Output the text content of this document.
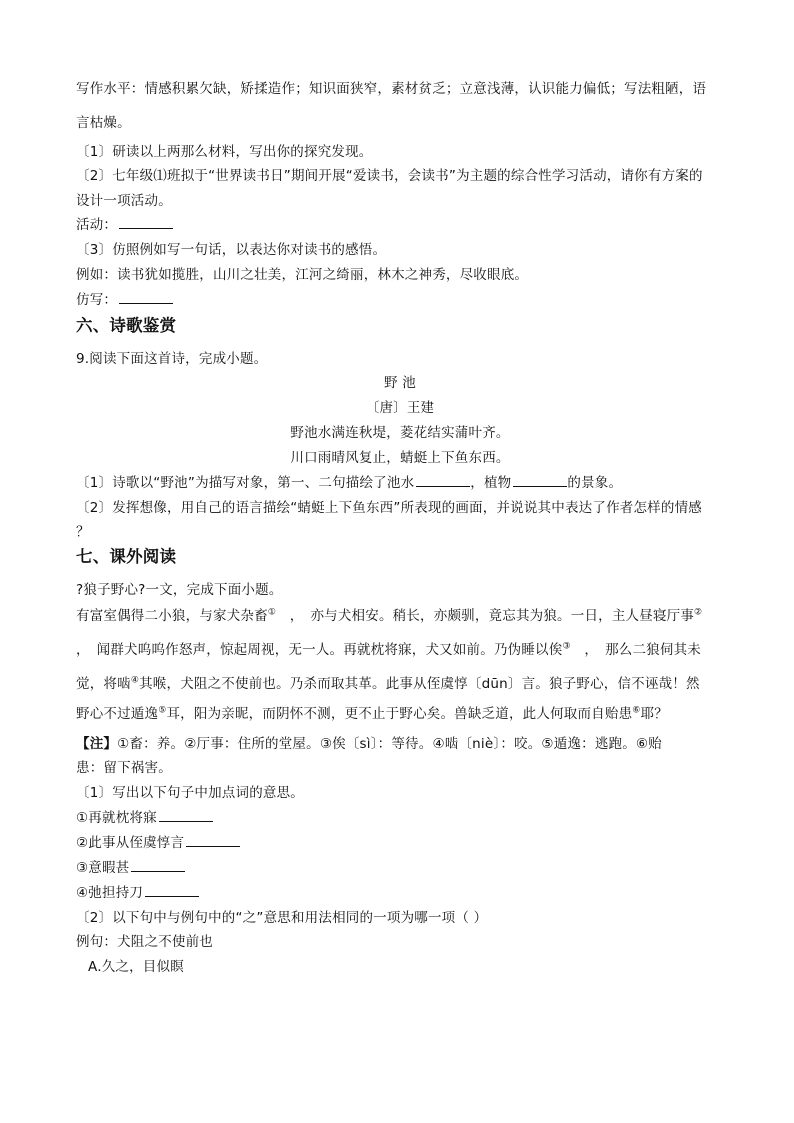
写作水平：情感积累欠缺，矫揉造作；知识面狭窄，素材贫乏；立意浅薄，认识能力偏低；写法粗陋，语
言枯燥。
〔1〕研读以上两那么材料，写出你的探究发现。
〔2〕七年级⑴班拟于“世界读书日”期间开展“爱读书，会读书”为主题的综合性学习活动，请你有方案的
设计一项活动。
活动：
〔3〕仿照例如写一句话，以表达你对读书的感悟。
例如：读书犹如揽胜，山川之壮美，江河之绮丽，林木之神秀，尽收眼底。
仿写：
六、诗歌鉴赏
9.阅读下面这首诗，完成小题。
野 池
〔唐〕王建
野池水满连秋堤，菱花结实蒲叶齐。
川口雨晴风复止，蜻蜓上下鱼东西。
〔1〕诗歌以“野池”为描写对象，第一、二句描绘了池水	，植物	的景象。
〔2〕发挥想像，用自己的语言描绘“蜻蜓上下鱼东西”所表现的画面，并说说其中表达了作者怎样的情感
？
七、课外阅读
?狼子野心?一文，完成下面小题。
有富室偶得二小狼，与家犬杂畜①　，　亦与犬相安。稍长，亦颇驯，竟忘其为狼。一日，主人昼寝厅事②
，　闻群犬呜呜作怒声，惊起周视，无一人。再就枕将寐，犬又如前。乃伪睡以俟③　，　那么二狼伺其未
觉，将啮④其喉，犬阻之不使前也。乃杀而取其革。此事从侄虞惇〔dūn〕言。狼子野心，信不诬哉！然
野心不过遁逸⑤耳，阳为亲昵，而阴怀不测，更不止于野心矣。兽缺乏道，此人何取而自贻患⑥耶？
【注】①畜：养。②厅事：住所的堂屋。③俟〔sì〕：等待。④啮〔niè〕：咬。⑤遁逸：逃跑。⑥贻
患：留下祸害。
〔1〕写出以下句子中加点词的意思。
①再就枕将寐
②此事从侄虞惇言
③意暇甚
④弛担持刀
〔2〕以下句中与例句中的“之”意思和用法相同的一项为哪一项（ ）
例句：犬阻之不使前也
A.久之，目似瞑
